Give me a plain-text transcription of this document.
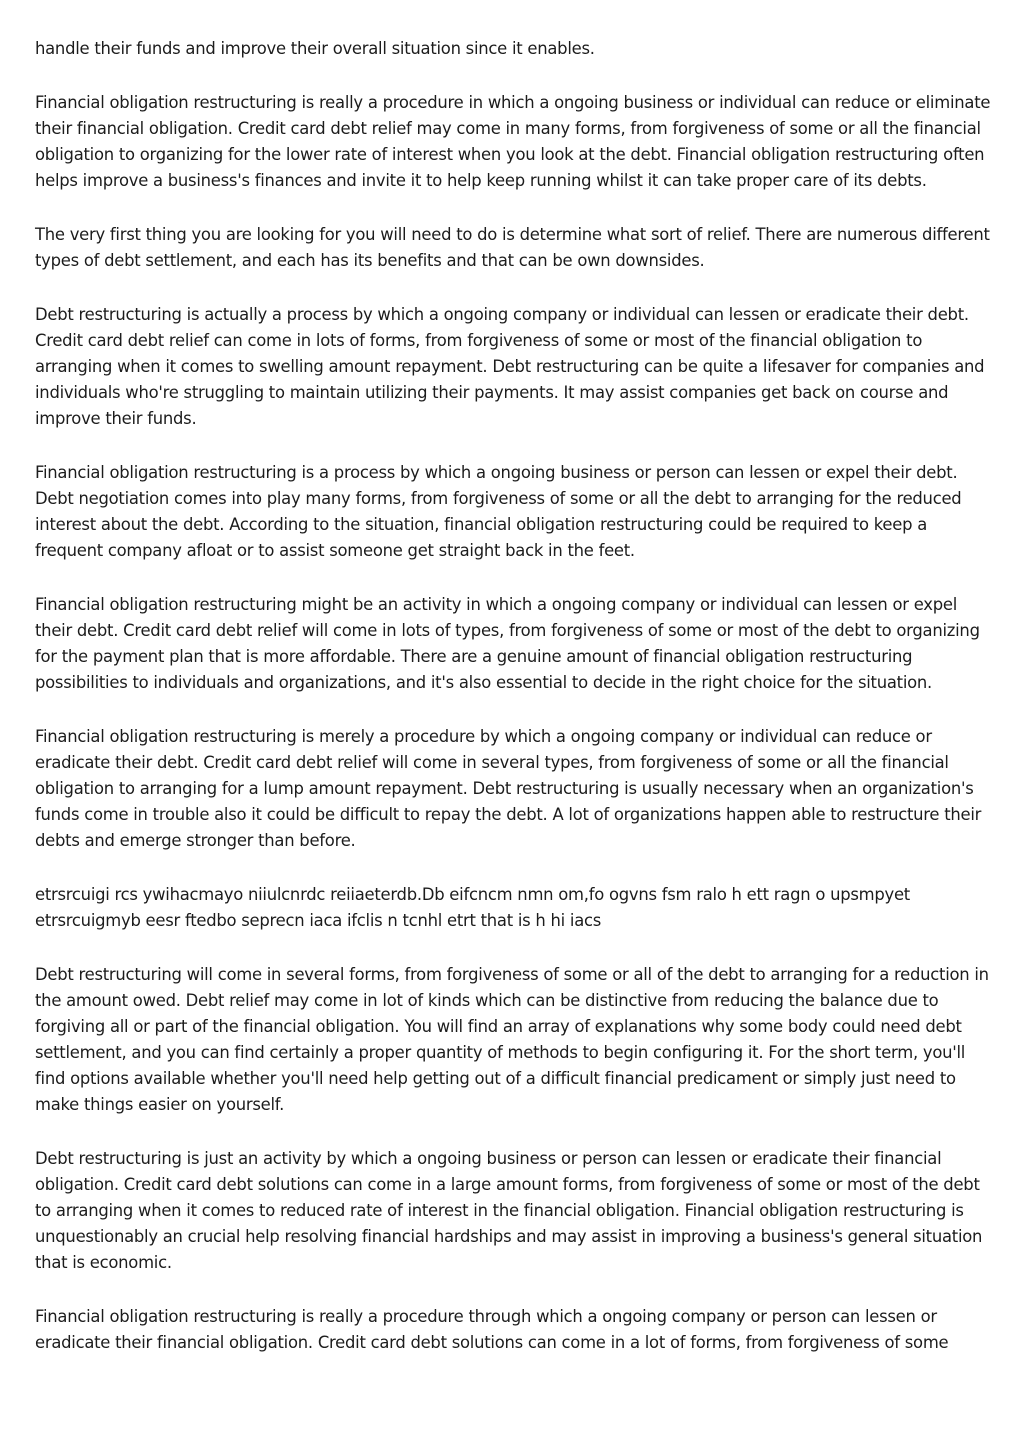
handle their funds and improve their overall situation since it enables.

Financial obligation restructuring is really a procedure in which a ongoing business or individual can reduce or eliminate their financial obligation. Credit card debt relief may come in many forms, from forgiveness of some or all the financial obligation to organizing for the lower rate of interest when you look at the debt. Financial obligation restructuring often helps improve a business's finances and invite it to help keep running whilst it can take proper care of its debts.

The very first thing you are looking for you will need to do is determine what sort of relief. There are numerous different types of debt settlement, and each has its benefits and that can be own downsides.

Debt restructuring is actually a process by which a ongoing company or individual can lessen or eradicate their debt. Credit card debt relief can come in lots of forms, from forgiveness of some or most of the financial obligation to arranging when it comes to swelling amount repayment. Debt restructuring can be quite a lifesaver for companies and individuals who're struggling to maintain utilizing their payments. It may assist companies get back on course and improve their funds.

Financial obligation restructuring is a process by which a ongoing business or person can lessen or expel their debt. Debt negotiation comes into play many forms, from forgiveness of some or all the debt to arranging for the reduced interest about the debt. According to the situation, financial obligation restructuring could be required to keep a frequent company afloat or to assist someone get straight back in the feet.

Financial obligation restructuring might be an activity in which a ongoing company or individual can lessen or expel their debt. Credit card debt relief will come in lots of types, from forgiveness of some or most of the debt to organizing for the payment plan that is more affordable. There are a genuine amount of financial obligation restructuring possibilities to individuals and organizations, and it's also essential to decide in the right choice for the situation.

Financial obligation restructuring is merely a procedure by which a ongoing company or individual can reduce or eradicate their debt. Credit card debt relief will come in several types, from forgiveness of some or all the financial obligation to arranging for a lump amount repayment. Debt restructuring is usually necessary when an organization's funds come in trouble also it could be difficult to repay the debt. A lot of organizations happen able to restructure their debts and emerge stronger than before.

etrsrcuigi rcs ywihacmayo niiulcnrdc reiiaeterdb.Db eifcncm nmn om,fo ogvns fsm ralo h ett ragn o upsmpyet etrsrcuigmyb eesr ftedbo seprecn iaca ifclis n tcnhl etrt that is h hi iacs

Debt restructuring will come in several forms, from forgiveness of some or all of the debt to arranging for a reduction in the amount owed. Debt relief may come in lot of kinds which can be distinctive from reducing the balance due to forgiving all or part of the financial obligation. You will find an array of explanations why some body could need debt settlement, and you can find certainly a proper quantity of methods to begin configuring it. For the short term, you'll find options available whether you'll need help getting out of a difficult financial predicament or simply just need to make things easier on yourself.

Debt restructuring is just an activity by which a ongoing business or person can lessen or eradicate their financial obligation. Credit card debt solutions can come in a large amount forms, from forgiveness of some or most of the debt to arranging when it comes to reduced rate of interest in the financial obligation. Financial obligation restructuring is unquestionably an crucial help resolving financial hardships and may assist in improving a business's general situation that is economic.

Financial obligation restructuring is really a procedure through which a ongoing company or person can lessen or eradicate their financial obligation. Credit card debt solutions can come in a lot of forms, from forgiveness of some
